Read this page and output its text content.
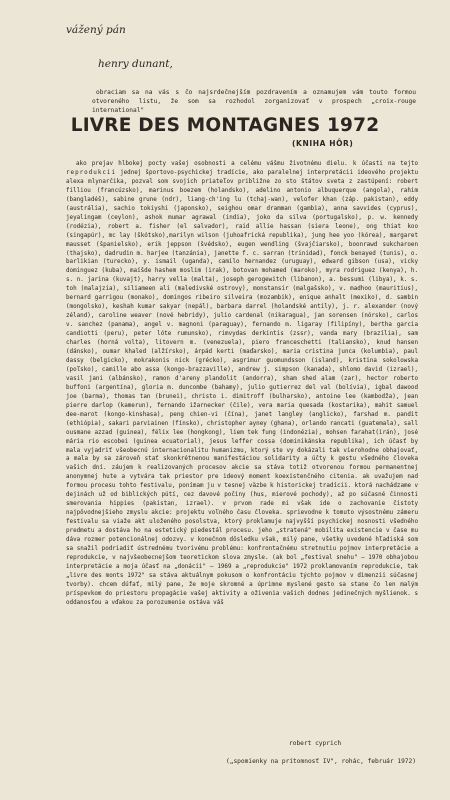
vážený pán
henry dunant,
obraciam sa na vás s čo najsrdečnejším pozdravením a oznamujem vám touto formou otvoreného listu, že som sa rozhodol zorganizovať v prospech „croix-rouge international"
LIVRE DES MONTAGNES 1972
(KNIHA HÔR)
ako prejav hlbokej pocty vašej osobnosti a celému vášmu životnému dielu. k účasti na tejto reprodukcii jednej športovo-psychickej tradície, ako paralelnej interpretácii ideového projektu alexa mlynarčika, pozval som svojich priateľov približne zo sto štátov sveta z zastúpení: robert filliou (francúzsko), marinus boezem (holandsko), adelino antonio albuquerque (angola), rahim (bangladéš), sabine grune (ndr), liang-ch'ing lu (tchaj-wan), velofer khan (záp. pakistan), eddy (austrália), sachio tokiyshi (japonsko), seighou omar dramman (gambia), anna savvides (cyprus), jeyalingam (ceylon), ashok mumar agrawal (india), joko da silva (portugalsko), p. w. kennedy (rodézia), robert a. fisher (el salvador), raid allie hassan (siera leone), ong thiat koo (singapúr), mc lay (škótsko),marilyn wilson (juhoafrická republika), jung hee yoo (kórea), margaret mausset (španielsko), erik jeppson (švédsko), eugen wendling (švajčiarsko), boonrawd sukcharoen (thajsko), dadrudin m. harjee (tanzánia), janette f. c. sarran (trinidad), fonck benayed (tunis), o. barlikian (turecko), y. ismail (uganda), camilo hernandez (uruguay), edward gibson (usa), vicky dominguez (kuba), maíšde hashem moslim (irak), botovan mohamed (maroko), myra rodriguez (kenya), h. s. n. jarina (kuvajt), harry vella (malta), joseph gerogewitch (libanon), a. bessumi (libya), k. s. toh (malajzia), siliameen ali (maledivské ostrovy), monstansir (malgašsko), v. madhoo (mauritius), bernard garrigou (monako), domingos ribeiro silveira (mozambik), enique anhalt (mexiko), d. sambin (mongolsko), keshah kumar sakyar (nepál), barbara darrel (holandské antily), j. r. alexander (nový zéland), caroline weaver (nové hebridy), julio cardenal (nikaragua), jan sorensen (nórsko), carlos v. sanchez (panama), angel v. magnoni (paraguay), fernando m. ligaray (filipíny), bertha garcia candiotti (peru), peter lóte rumunsko), rimvydas derkintis (zssr), vanda mary (brazília), sam charles (horná volta), litovern m. (venezuela), piero franceschetti (taliansko), knud hansen (dánsko), oumar khaled (alžírsko), árpád kerti (maďarsko), maria cristina junca (kolumbia), paul dassy (belgicko), mokrakonis nick (grécko), asgrimur guomundsson (island), kristina sokolowska (poľsko), camille abo assa (kongo-brazzaville), andrew j. simpson (kanada), shlomo david (izrael), vasil jani (albánsko), ramon d'areny plandolit (andorra), sham shed alam (zar), hector roberto buffoni (argentína), gloria m. duncombe (bahamy), julio gutierrez del val (bolívia), igbal dawood joe (barma), thomas tan (brunei), christo i. dimitroff (bulharsko), antoine lee (kambodža), jean pierre darlop (kamerun), fernando ižarnecker (čile), vera maria quesada (kostarika), mahit samuel dee-marot (kongo-kinshasa), peng chien-vi (čína), janet langley (anglicko), farshad m. pandit (ethiópia), sakari parviainen (fínsko), christopher ayney (ghana), orlando rancati (guatemala), sall ousmane azzad (guinea), félix lee (hongkong), liem tek fung (indonézia), mohsen farahat(irán), josé mária rio escobei (guinea ecuatorial), jesus leffer cossa (dominikánska republika), ich účasť by mala vyjadriť všeobecnú internacionalitu humanizmu, ktorý ste vy dokázali tak vierohodne obhajovať, a mala by sa zároveň stať skonkrétnenou manifestáciou solidarity a účty k gestu všedného človeka vašich dní. záujem k realizovaných procesov akcie sa stáva totiž otvorenou formou permanentnej anonymnej hute a vytvára tak priestor pre ideový moment koexistenčného citenia. ak uvažujem nad formou procesu tohto festivalu, ponímam ju v tesnej väzbe k historickej tradícii. ktorá nachádzame v dejinách už od biblických pútí, cez davové počiny (hus, mierové pochody), až po súčasné činnosti smerovania hippies (pakistan, izrael). v prvom rade mi však ide o zachovanie čistoty najpôvodnejšieho zmyslu akcie: projektu voľného času človeka. sprievodne k tomuto výsostnému zámeru festivalu sa viaže akt uloženého posolstva, ktorý proklamuje najvyšší psychickej nosnosti všedného predmetu a dostáva ho na estetický piedestál procesu. jeho „stratená" mobilita existencie v čase mu dáva rozmer potencionálnej odozvy. v konečnom dôsledku však, milý pane, všetky uvedené hľadiská som sa snažil podriadiť ústrednému tvorivému problému: konfrontačnému stretnutiu pojmov interpretácie a reprodukcie, v najvšeobecnejšom teoretickom slova zmysle. (ak bol „festival snehu" — 1970 obhajobou interpretácie a moja účasť na „donácii" — 1969 a „reprodukcie" 1972 proklamovaním reprodukcie, tak „livre des monts 1972" sa stáva aktuálnym pokusom o konfrontáciu týchto pojmov v dimenzii súčasnej tvorby). chcem dúfať, milý pane, že moje skromné a úprimne myslené gesto sa stane čo len malým príspevkom do priestoru propagácie vašej aktivity a oživenia vašich dodnes jedinečných myšlienok. s oddanosťou a vďakou za porozumenie ostáva váš
robert cyprich
(„spomienky na prítomnosť IV", rohác, február 1972)
